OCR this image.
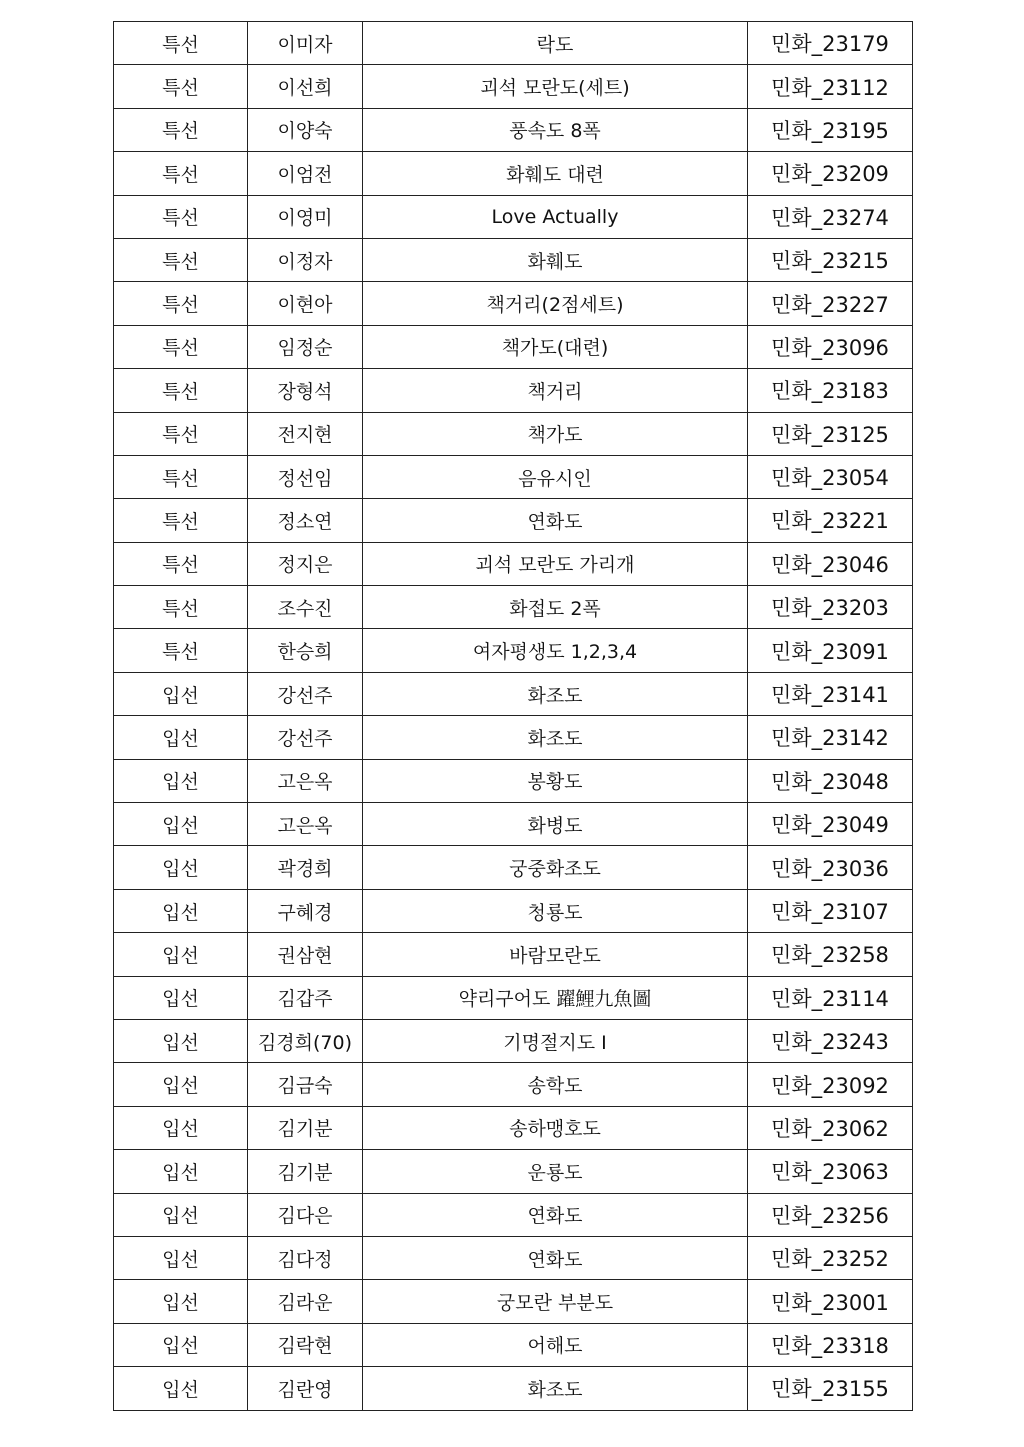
특선	이미자	락도	민화_23179
특선	이선희	괴석 모란도(세트)	민화_23112
특선	이양숙	풍속도 8폭	민화_23195
특선	이엄전	화훼도 대련	민화_23209
특선	이영미	Love Actually	민화_23274
특선	이정자	화훼도	민화_23215
특선	이현아	책거리(2점세트)	민화_23227
특선	임정순	책가도(대련)	민화_23096
특선	장형석	책거리	민화_23183
특선	전지현	책가도	민화_23125
특선	정선임	음유시인	민화_23054
특선	정소연	연화도	민화_23221
특선	정지은	괴석 모란도 가리개	민화_23046
특선	조수진	화접도 2폭	민화_23203
특선	한승희	여자평생도 1,2,3,4	민화_23091
입선	강선주	화조도	민화_23141
입선	강선주	화조도	민화_23142
입선	고은옥	봉황도	민화_23048
입선	고은옥	화병도	민화_23049
입선	곽경희	궁중화조도	민화_23036
입선	구혜경	청룡도	민화_23107
입선	권삼현	바람모란도	민화_23258
입선	김갑주	약리구어도 躍鯉九魚圖	민화_23114
입선	김경희(70)	기명절지도 Ⅰ	민화_23243
입선	김금숙	송학도	민화_23092
입선	김기분	송하맹호도	민화_23062
입선	김기분	운룡도	민화_23063
입선	김다은	연화도	민화_23256
입선	김다정	연화도	민화_23252
입선	김라운	궁모란 부분도	민화_23001
입선	김락현	어해도	민화_23318
입선	김란영	화조도	민화_23155
